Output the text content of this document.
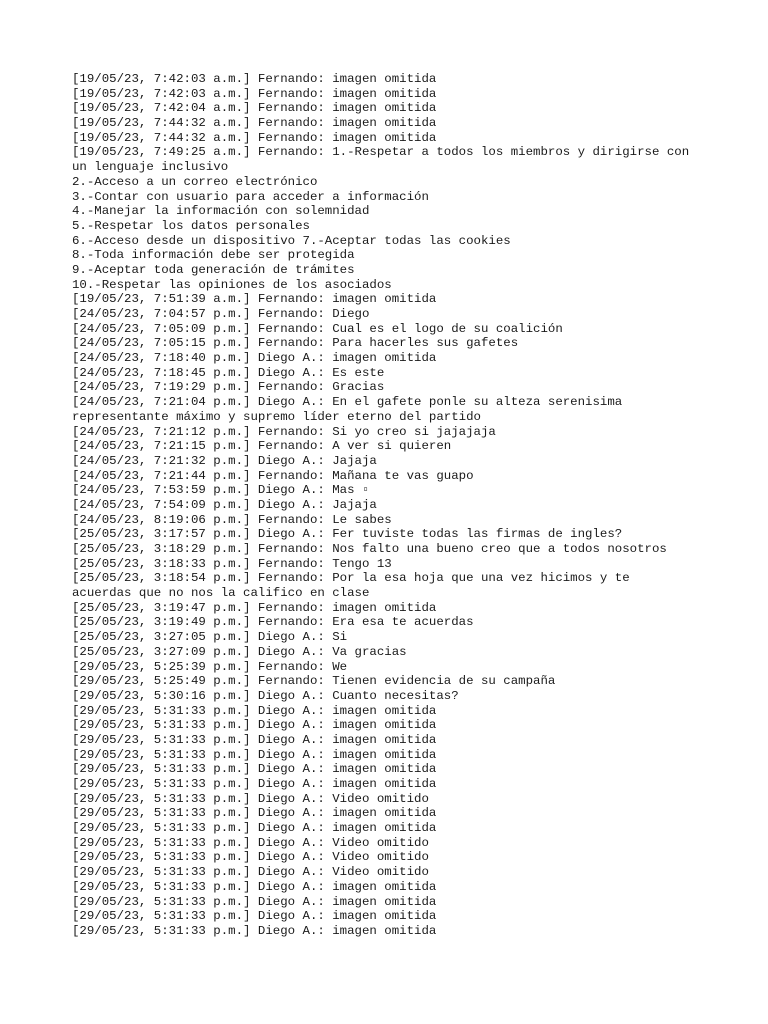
[19/05/23, 7:42:03 a.m.] Fernando: imagen omitida
[19/05/23, 7:42:03 a.m.] Fernando: imagen omitida
[19/05/23, 7:42:04 a.m.] Fernando: imagen omitida
[19/05/23, 7:44:32 a.m.] Fernando: imagen omitida
[19/05/23, 7:44:32 a.m.] Fernando: imagen omitida
[19/05/23, 7:49:25 a.m.] Fernando: 1.-Respetar a todos los miembros y dirigirse con
un lenguaje inclusivo
2.-Acceso a un correo electrónico
3.-Contar con usuario para acceder a información
4.-Manejar la información con solemnidad
5.-Respetar los datos personales
6.-Acceso desde un dispositivo 7.-Aceptar todas las cookies
8.-Toda información debe ser protegida
9.-Aceptar toda generación de trámites
10.-Respetar las opiniones de los asociados
[19/05/23, 7:51:39 a.m.] Fernando: imagen omitida
[24/05/23, 7:04:57 p.m.] Fernando: Diego
[24/05/23, 7:05:09 p.m.] Fernando: Cual es el logo de su coalición
[24/05/23, 7:05:15 p.m.] Fernando: Para hacerles sus gafetes
[24/05/23, 7:18:40 p.m.] Diego A.: imagen omitida
[24/05/23, 7:18:45 p.m.] Diego A.: Es este
[24/05/23, 7:19:29 p.m.] Fernando: Gracias
[24/05/23, 7:21:04 p.m.] Diego A.: En el gafete ponle su alteza serenisima
representante máximo y supremo líder eterno del partido
[24/05/23, 7:21:12 p.m.] Fernando: Si yo creo si jajajaja
[24/05/23, 7:21:15 p.m.] Fernando: A ver si quieren
[24/05/23, 7:21:32 p.m.] Diego A.: Jajaja
[24/05/23, 7:21:44 p.m.] Fernando: Mañana te vas guapo
[24/05/23, 7:53:59 p.m.] Diego A.: Mas ▫
[24/05/23, 7:54:09 p.m.] Diego A.: Jajaja
[24/05/23, 8:19:06 p.m.] Fernando: Le sabes
[25/05/23, 3:17:57 p.m.] Diego A.: Fer tuviste todas las firmas de ingles?
[25/05/23, 3:18:29 p.m.] Fernando: Nos falto una bueno creo que a todos nosotros
[25/05/23, 3:18:33 p.m.] Fernando: Tengo 13
[25/05/23, 3:18:54 p.m.] Fernando: Por la esa hoja que una vez hicimos y te
acuerdas que no nos la califico en clase
[25/05/23, 3:19:47 p.m.] Fernando: imagen omitida
[25/05/23, 3:19:49 p.m.] Fernando: Era esa te acuerdas
[25/05/23, 3:27:05 p.m.] Diego A.: Si
[25/05/23, 3:27:09 p.m.] Diego A.: Va gracias
[29/05/23, 5:25:39 p.m.] Fernando: We
[29/05/23, 5:25:49 p.m.] Fernando: Tienen evidencia de su campaña
[29/05/23, 5:30:16 p.m.] Diego A.: Cuanto necesitas?
[29/05/23, 5:31:33 p.m.] Diego A.: imagen omitida
[29/05/23, 5:31:33 p.m.] Diego A.: imagen omitida
[29/05/23, 5:31:33 p.m.] Diego A.: imagen omitida
[29/05/23, 5:31:33 p.m.] Diego A.: imagen omitida
[29/05/23, 5:31:33 p.m.] Diego A.: imagen omitida
[29/05/23, 5:31:33 p.m.] Diego A.: imagen omitida
[29/05/23, 5:31:33 p.m.] Diego A.: Video omitido
[29/05/23, 5:31:33 p.m.] Diego A.: imagen omitida
[29/05/23, 5:31:33 p.m.] Diego A.: imagen omitida
[29/05/23, 5:31:33 p.m.] Diego A.: Video omitido
[29/05/23, 5:31:33 p.m.] Diego A.: Video omitido
[29/05/23, 5:31:33 p.m.] Diego A.: Video omitido
[29/05/23, 5:31:33 p.m.] Diego A.: imagen omitida
[29/05/23, 5:31:33 p.m.] Diego A.: imagen omitida
[29/05/23, 5:31:33 p.m.] Diego A.: imagen omitida
[29/05/23, 5:31:33 p.m.] Diego A.: imagen omitida
